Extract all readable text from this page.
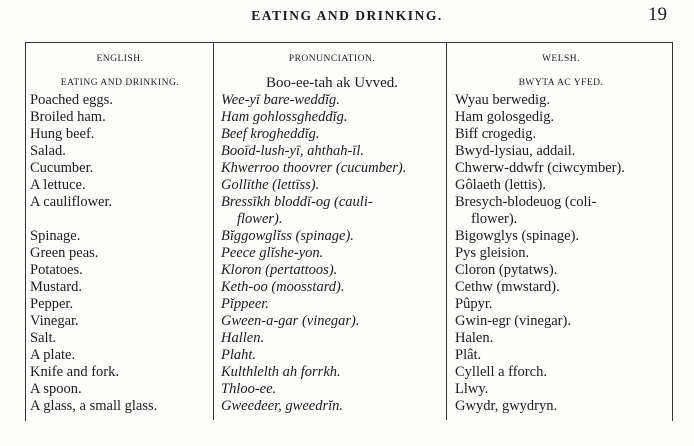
EATING AND DRINKING.	19
ENGLISH.
EATING AND DRINKING.
Poached eggs.
Broiled ham.
Hung beef.
Salad.
Cucumber.
A lettuce.
A cauliflower.
Spinage.
Green peas.
Potatoes.
Mustard.
Pepper.
Vinegar.
Salt.
A plate.
Knife and fork.
A spoon.
A glass, a small glass.
PRONUNCIATION.
Boo-ee-tah ak Uvved.
Wee-yī bare-weddĭg.
Ham gohlossgheddĭg.
Beef krogheddĭg.
Booīd-lush-yī, ahthah-īl.
Khwerroo thoovrer (cucumber).
Gollīthe (lettīss).
Bressīkh bloddī-og (cauli-
flower).
Bĭggowglĭss (spinage).
Peece glĭshe-yon.
Kloron (pertattoos).
Keth-oo (moosstard).
Pĭppeer.
Gween-a-gar (vinegar).
Hallen.
Plaht.
Kulthlelth ah forrkh.
Thloo-ee.
Gweedeer, gweedrĭn.
WELSH.
BWYTA AC YFED.
Wyau berwedig.
Ham golosgedig.
Biff crogedig.
Bwyd-lysiau, addail.
Chwerw-ddwfr (ciwcymber).
Gôlaeth (lettis).
Bresych-blodeuog (coli-
flower).
Bigowglys (spinage).
Pys gleision.
Cloron (pytatws).
Cethw (mwstard).
Pûpyr.
Gwin-egr (vinegar).
Halen.
Plât.
Cyllell a fforch.
Llwy.
Gwydr, gwydryn.
